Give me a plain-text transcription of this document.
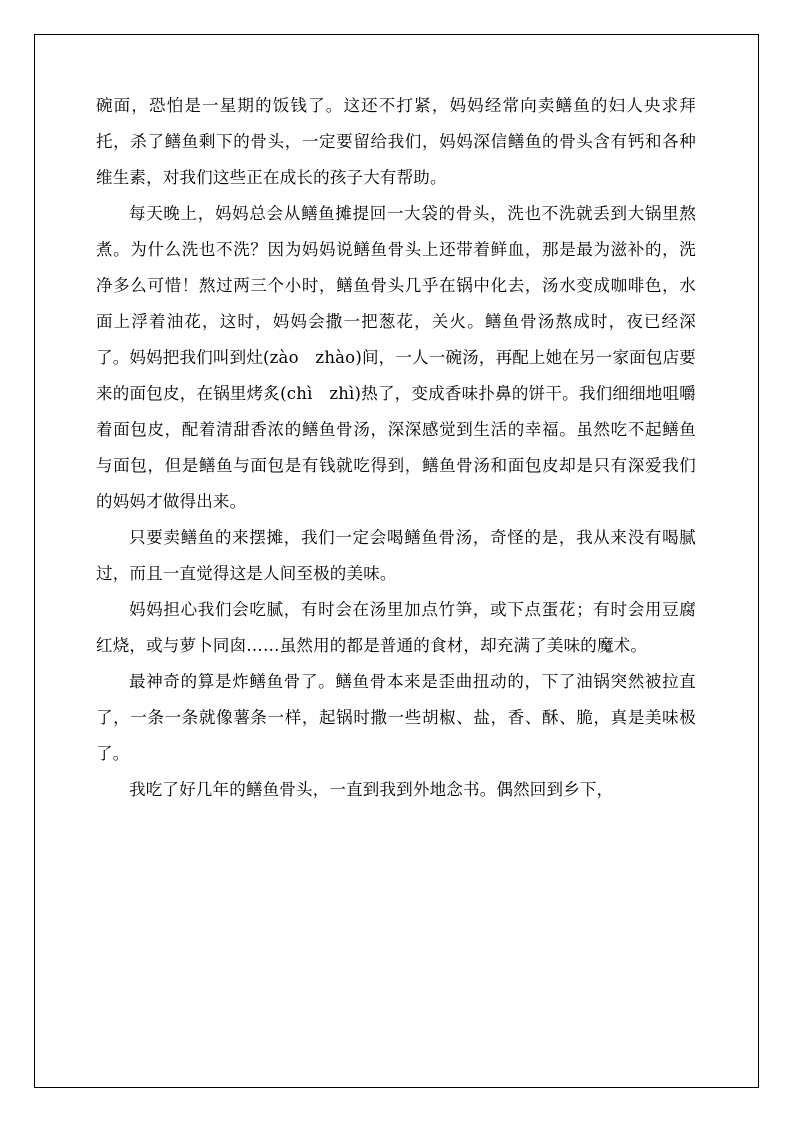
碗面，恐怕是一星期的饭钱了。这还不打紧，妈妈经常向卖鳝鱼的妇人央求拜托，杀了鳝鱼剩下的骨头，一定要留给我们，妈妈深信鳝鱼的骨头含有钙和各种维生素，对我们这些正在成长的孩子大有帮助。

每天晚上，妈妈总会从鳝鱼摊提回一大袋的骨头，洗也不洗就丢到大锅里熬煮。为什么洗也不洗？因为妈妈说鳝鱼骨头上还带着鲜血，那是最为滋补的，洗净多么可惜！熬过两三个小时，鳝鱼骨头几乎在锅中化去，汤水变成咖啡色，水面上浮着油花，这时，妈妈会撒一把葱花，关火。鳝鱼骨汤熬成时，夜已经深了。妈妈把我们叫到灶(zào　zhào)间，一人一碗汤，再配上她在另一家面包店要来的面包皮，在锅里烤炙(chì　zhì)热了，变成香味扑鼻的饼干。我们细细地咀嚼着面包皮，配着清甜香浓的鳝鱼骨汤，深深感觉到生活的幸福。虽然吃不起鳝鱼与面包，但是鳝鱼与面包是有钱就吃得到，鳝鱼骨汤和面包皮却是只有深爱我们的妈妈才做得出来。

只要卖鳝鱼的来摆摊，我们一定会喝鳝鱼骨汤，奇怪的是，我从来没有喝腻过，而且一直觉得这是人间至极的美味。

妈妈担心我们会吃腻，有时会在汤里加点竹笋，或下点蛋花；有时会用豆腐红烧，或与萝卜同囱……虽然用的都是普通的食材，却充满了美味的魔术。

最神奇的算是炸鳝鱼骨了。鳝鱼骨本来是歪曲扭动的，下了油锅突然被拉直了，一条一条就像薯条一样，起锅时撒一些胡椒、盐，香、酥、脆，真是美味极了。

我吃了好几年的鳝鱼骨头，一直到我到外地念书。偶然回到乡下，
